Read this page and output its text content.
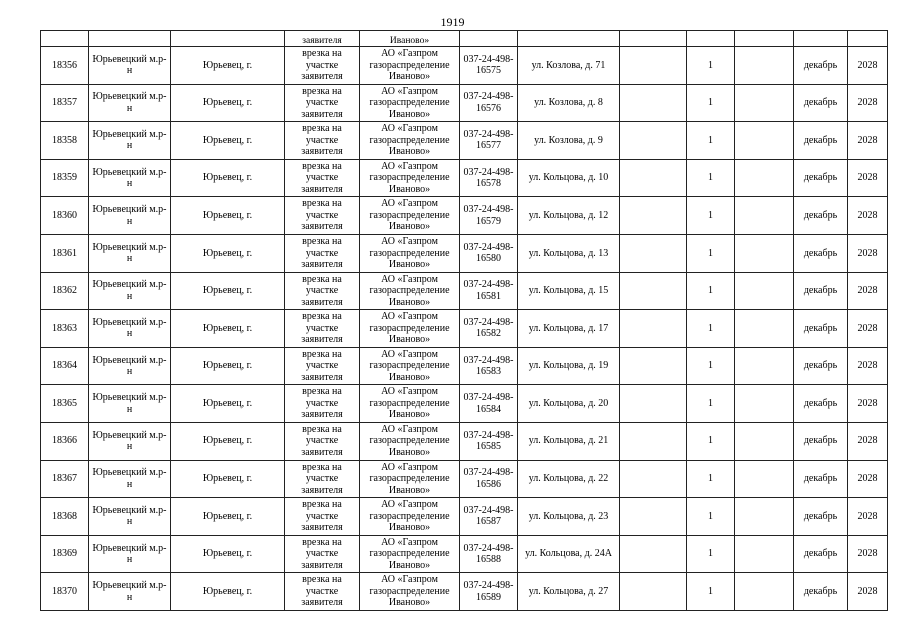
1919
			заявителя	Иваново»							
18356	Юрьевецкий м.р-н	Юрьевец, г.	врезка на участке заявителя	АО «Газпром газораспределение Иваново»	037-24-498-16575	ул. Козлова, д. 71		1		декабрь	2028
18357	Юрьевецкий м.р-н	Юрьевец, г.	врезка на участке заявителя	АО «Газпром газораспределение Иваново»	037-24-498-16576	ул. Козлова, д. 8		1		декабрь	2028
18358	Юрьевецкий м.р-н	Юрьевец, г.	врезка на участке заявителя	АО «Газпром газораспределение Иваново»	037-24-498-16577	ул. Козлова, д. 9		1		декабрь	2028
18359	Юрьевецкий м.р-н	Юрьевец, г.	врезка на участке заявителя	АО «Газпром газораспределение Иваново»	037-24-498-16578	ул. Кольцова, д. 10		1		декабрь	2028
18360	Юрьевецкий м.р-н	Юрьевец, г.	врезка на участке заявителя	АО «Газпром газораспределение Иваново»	037-24-498-16579	ул. Кольцова, д. 12		1		декабрь	2028
18361	Юрьевецкий м.р-н	Юрьевец, г.	врезка на участке заявителя	АО «Газпром газораспределение Иваново»	037-24-498-16580	ул. Кольцова, д. 13		1		декабрь	2028
18362	Юрьевецкий м.р-н	Юрьевец, г.	врезка на участке заявителя	АО «Газпром газораспределение Иваново»	037-24-498-16581	ул. Кольцова, д. 15		1		декабрь	2028
18363	Юрьевецкий м.р-н	Юрьевец, г.	врезка на участке заявителя	АО «Газпром газораспределение Иваново»	037-24-498-16582	ул. Кольцова, д. 17		1		декабрь	2028
18364	Юрьевецкий м.р-н	Юрьевец, г.	врезка на участке заявителя	АО «Газпром газораспределение Иваново»	037-24-498-16583	ул. Кольцова, д. 19		1		декабрь	2028
18365	Юрьевецкий м.р-н	Юрьевец, г.	врезка на участке заявителя	АО «Газпром газораспределение Иваново»	037-24-498-16584	ул. Кольцова, д. 20		1		декабрь	2028
18366	Юрьевецкий м.р-н	Юрьевец, г.	врезка на участке заявителя	АО «Газпром газораспределение Иваново»	037-24-498-16585	ул. Кольцова, д. 21		1		декабрь	2028
18367	Юрьевецкий м.р-н	Юрьевец, г.	врезка на участке заявителя	АО «Газпром газораспределение Иваново»	037-24-498-16586	ул. Кольцова, д. 22		1		декабрь	2028
18368	Юрьевецкий м.р-н	Юрьевец, г.	врезка на участке заявителя	АО «Газпром газораспределение Иваново»	037-24-498-16587	ул. Кольцова, д. 23		1		декабрь	2028
18369	Юрьевецкий м.р-н	Юрьевец, г.	врезка на участке заявителя	АО «Газпром газораспределение Иваново»	037-24-498-16588	ул. Кольцова, д. 24А		1		декабрь	2028
18370	Юрьевецкий м.р-н	Юрьевец, г.	врезка на участке заявителя	АО «Газпром газораспределение Иваново»	037-24-498-16589	ул. Кольцова, д. 27		1		декабрь	2028
